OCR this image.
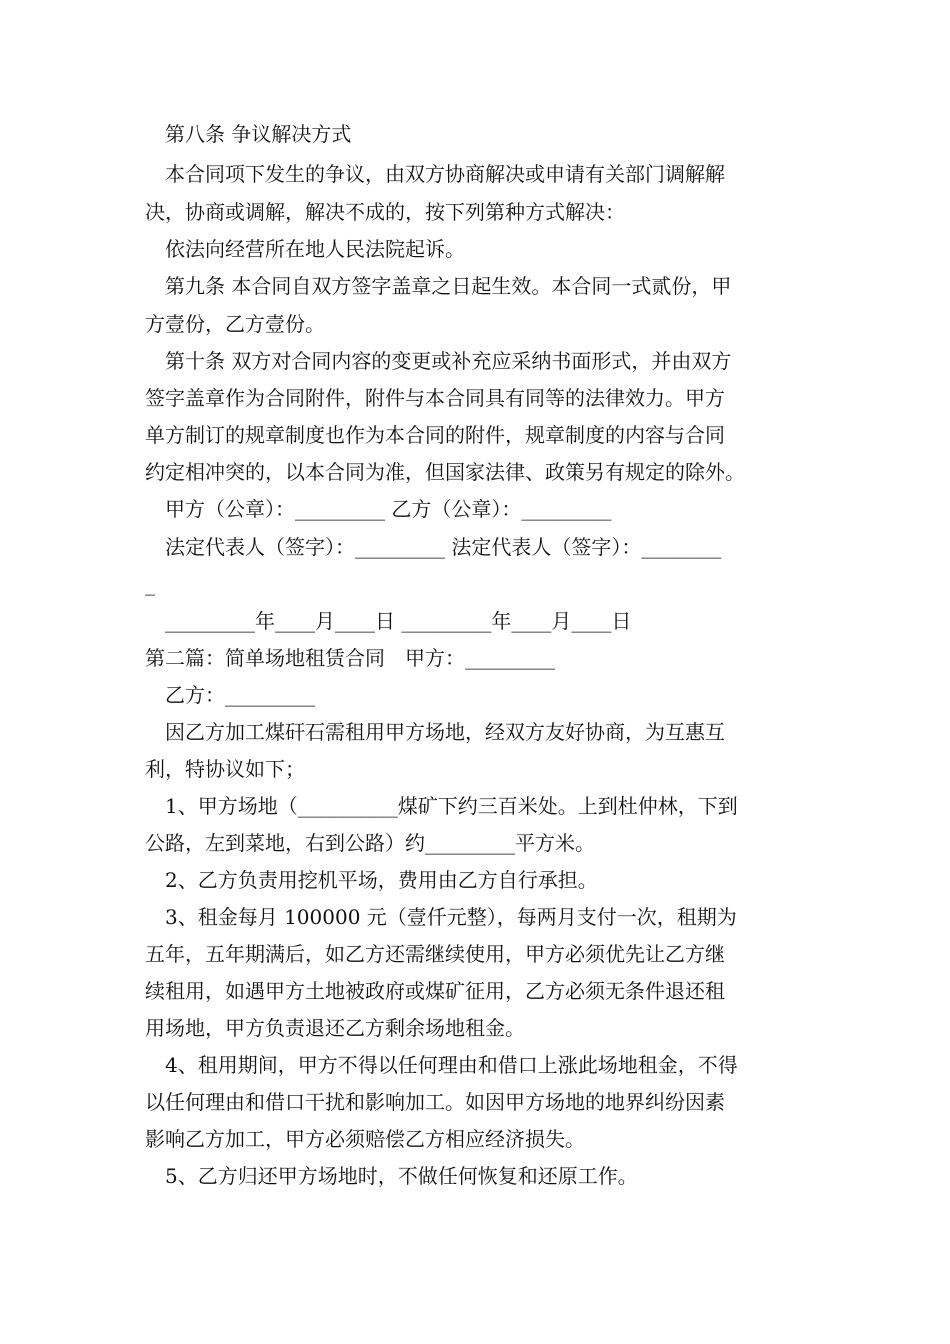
　第八条 争议解决方式
　本合同项下发生的争议，由双方协商解决或申请有关部门调解解
决，协商或调解，解决不成的，按下列第种方式解决：
　依法向经营所在地人民法院起诉。
　第九条 本合同自双方签字盖章之日起生效。本合同一式贰份，甲
方壹份，乙方壹份。
　第十条 双方对合同内容的变更或补充应采纳书面形式，并由双方
签字盖章作为合同附件，附件与本合同具有同等的法律效力。甲方
单方制订的规章制度也作为本合同的附件，规章制度的内容与合同
约定相冲突的，以本合同为准，但国家法律、政策另有规定的除外。
　甲方（公章）：_________ 乙方（公章）：_________
　法定代表人（签字）：_________ 法定代表人（签字）：________
_
　_________年____月____日 _________年____月____日
第二篇：简单场地租赁合同　甲方：_________
　乙方：_________
　因乙方加工煤矸石需租用甲方场地，经双方友好协商，为互惠互
利，特协议如下；
　1、甲方场地（__________煤矿下约三百米处。上到杜仲林，下到
公路，左到菜地，右到公路）约_________平方米。
　2、乙方负责用挖机平场，费用由乙方自行承担。
　3、租金每月 100000 元（壹仟元整），每两月支付一次，租期为
五年，五年期满后，如乙方还需继续使用，甲方必须优先让乙方继
续租用，如遇甲方土地被政府或煤矿征用，乙方必须无条件退还租
用场地，甲方负责退还乙方剩余场地租金。
　4、租用期间，甲方不得以任何理由和借口上涨此场地租金，不得
以任何理由和借口干扰和影响加工。如因甲方场地的地界纠纷因素
影响乙方加工，甲方必须赔偿乙方相应经济损失。
　5、乙方归还甲方场地时，不做任何恢复和还原工作。
